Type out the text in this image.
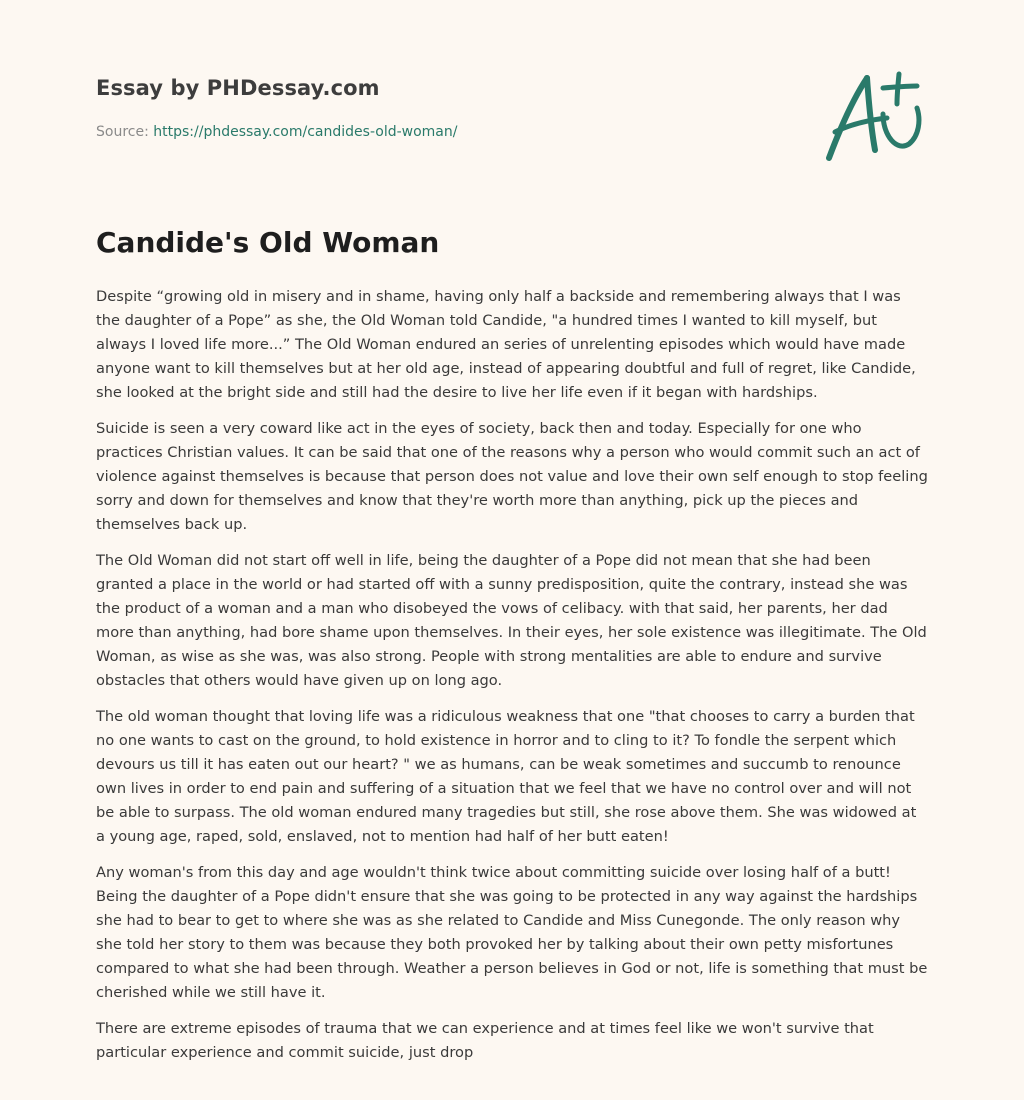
Essay by PHDessay.com
Source: https://phdessay.com/candides-old-woman/
Candide's Old Woman

Despite “growing old in misery and in shame, having only half a backside and remembering always that I was the daughter of a Pope” as she, the Old Woman told Candide, "a hundred times I wanted to kill myself, but always I loved life more...” The Old Woman endured an series of unrelenting episodes which would have made anyone want to kill themselves but at her old age, instead of appearing doubtful and full of regret, like Candide, she looked at the bright side and still had the desire to live her life even if it began with hardships.

Suicide is seen a very coward like act in the eyes of society, back then and today. Especially for one who practices Christian values. It can be said that one of the reasons why a person who would commit such an act of violence against themselves is because that person does not value and love their own self enough to stop feeling sorry and down for themselves and know that they're worth more than anything, pick up the pieces and themselves back up.

The Old Woman did not start off well in life, being the daughter of a Pope did not mean that she had been granted a place in the world or had started off with a sunny predisposition, quite the contrary, instead she was the product of a woman and a man who disobeyed the vows of celibacy. with that said, her parents, her dad more than anything, had bore shame upon themselves. In their eyes, her sole existence was illegitimate. The Old Woman, as wise as she was, was also strong. People with strong mentalities are able to endure and survive obstacles that others would have given up on long ago.

The old woman thought that loving life was a ridiculous weakness that one "that chooses to carry a burden that no one wants to cast on the ground, to hold existence in horror and to cling to it? To fondle the serpent which devours us till it has eaten out our heart? " we as humans, can be weak sometimes and succumb to renounce own lives in order to end pain and suffering of a situation that we feel that we have no control over and will not be able to surpass. The old woman endured many tragedies but still, she rose above them. She was widowed at a young age, raped, sold, enslaved, not to mention had half of her butt eaten!

Any woman's from this day and age wouldn't think twice about committing suicide over losing half of a butt! Being the daughter of a Pope didn't ensure that she was going to be protected in any way against the hardships she had to bear to get to where she was as she related to Candide and Miss Cunegonde. The only reason why she told her story to them was because they both provoked her by talking about their own petty misfortunes compared to what she had been through. Weather a person believes in God or not, life is something that must be cherished while we still have it.

There are extreme episodes of trauma that we can experience and at times feel like we won't survive that particular experience and commit suicide, just drop
